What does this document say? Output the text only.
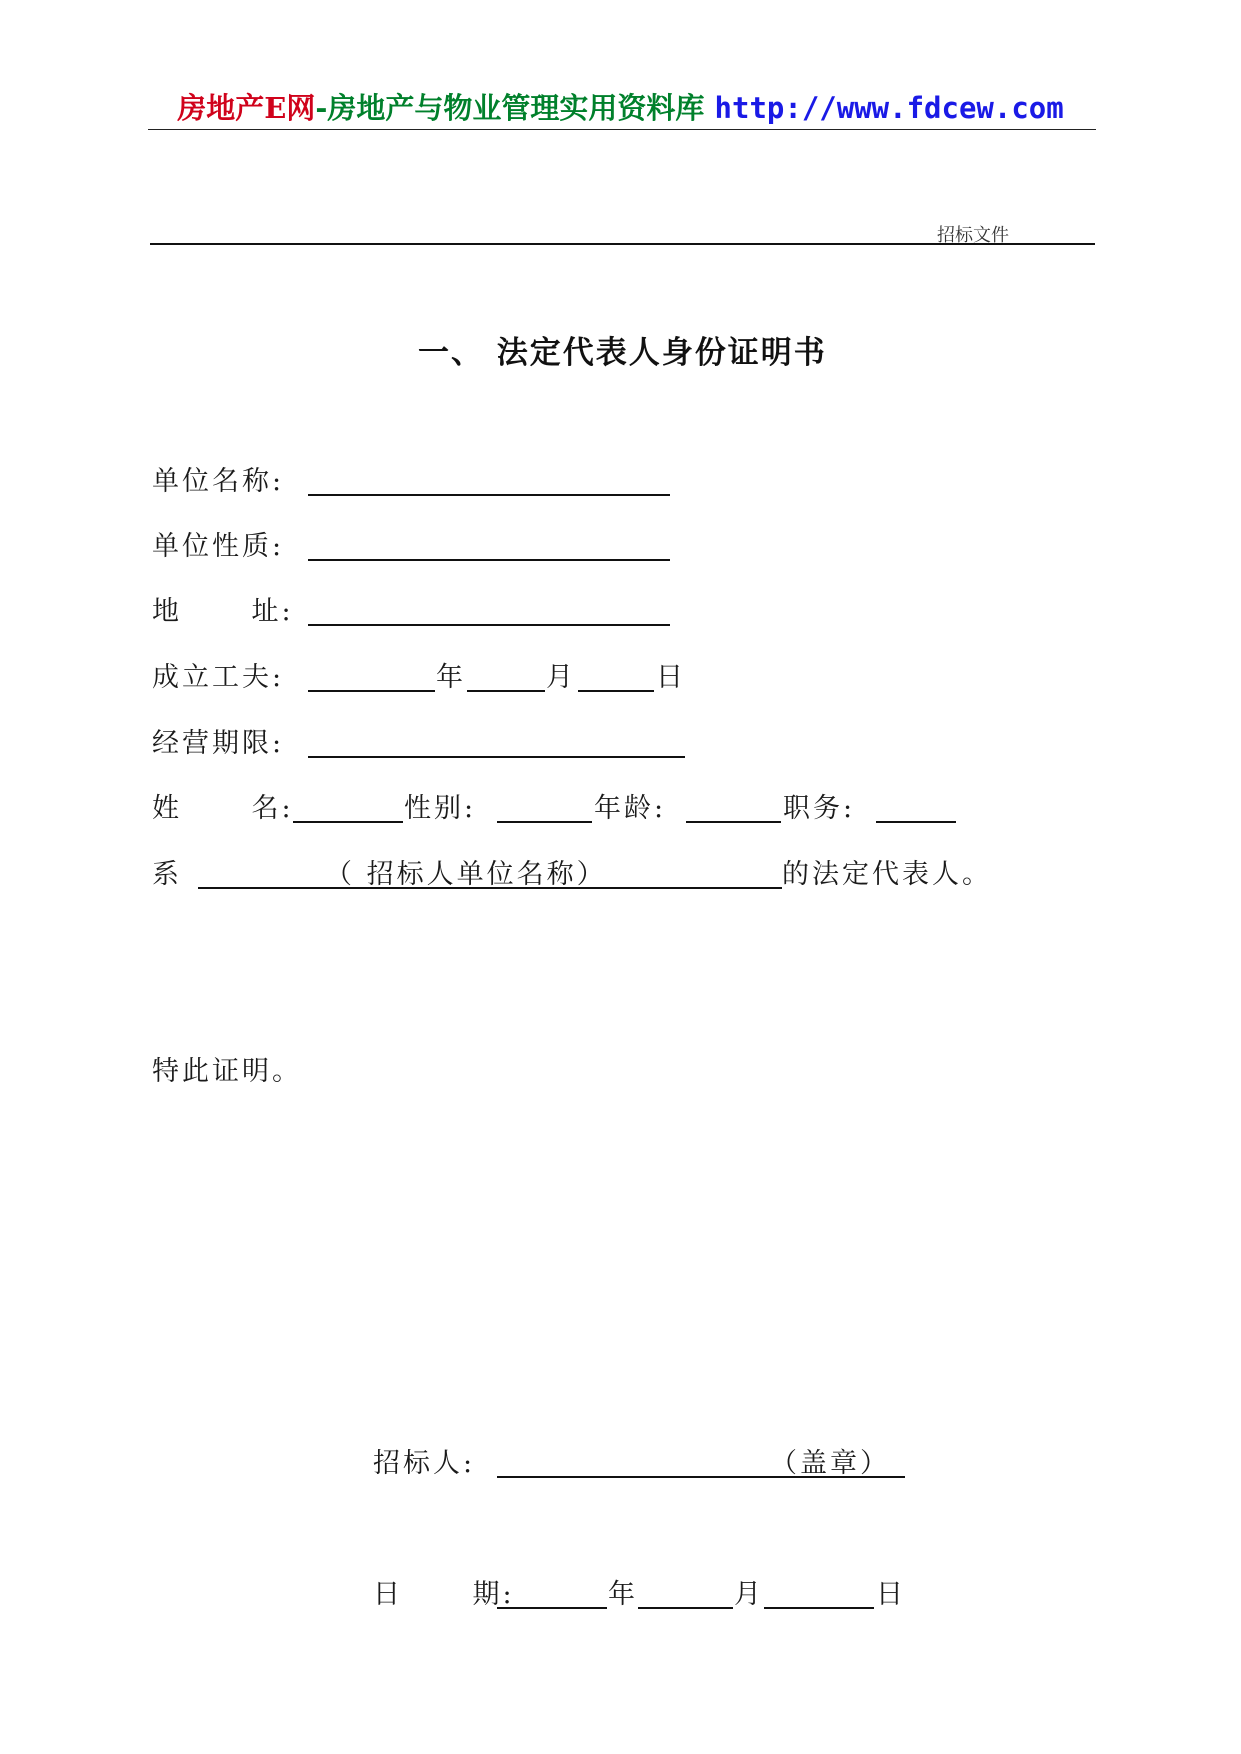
房地产E网-房地产与物业管理实用资料库 http://www.fdcew.com
招标文件
一、 法定代表人身份证明书
单位名称:
单位性质:
地      址:
成立工夫:	年	月	日
经营期限:
姓      名:	性别:	年龄:	职务:
系	（ 招标人单位名称）	的法定代表人。
特此证明。
招标人:	（盖章）
日      期:	年	月	日
